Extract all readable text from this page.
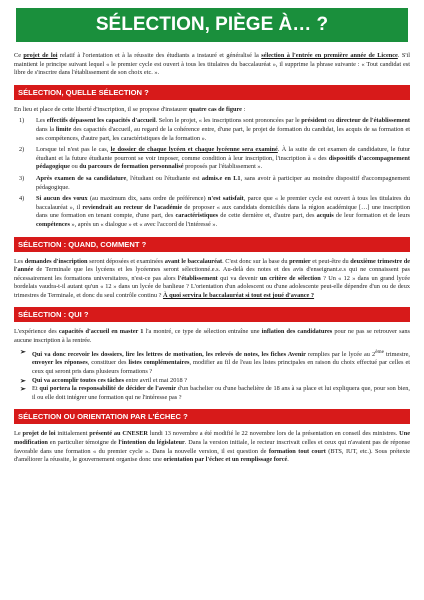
SÉLECTION, PIÈGE À… ?

Ce projet de loi relatif à l'orientation et à la réussite des étudiants a instauré et généralisé la sélection à l'entrée en première année de Licence. S'il maintient le principe suivant lequel « le premier cycle est ouvert à tous les titulaires du baccalauréat », il supprime la phrase suivante : « Tout candidat est libre de s'inscrire dans l'établissement de son choix etc. ».

SÉLECTION, QUELLE SÉLECTION ?

En lieu et place de cette liberté d'inscription, il se propose d'instaurer quatre cas de figure :

1) Les effectifs dépassent les capacités d'accueil. Selon le projet, « les inscriptions sont prononcées par le président ou directeur de l'établissement dans la limite des capacités d'accueil, au regard de la cohérence entre, d'une part, le projet de formation du candidat, les acquis de sa formation et ses compétences, d'autre part, les caractéristiques de la formation ».
2) Lorsque tel n'est pas le cas, le dossier de chaque lycéen et chaque lycéenne sera examiné. À la suite de cet examen de candidature, le futur étudiant et la future étudiante pourront se voir imposer, comme condition à leur inscription, l'inscription à « des dispositifs d'accompagnement pédagogique ou du parcours de formation personnalisé proposés par l'établissement ».
3) Après examen de sa candidature, l'étudiant ou l'étudiante est admis.e en L1, sans avoir à participer au moindre dispositif d'accompagnement pédagogique.
4) Si aucun des vœux (au maximum dix, sans ordre de préférence) n'est satisfait, parce que « le premier cycle est ouvert à tous les titulaires du baccalauréat », il reviendrait au recteur de l'académie de proposer « aux candidats domiciliés dans la région académique […] une inscription dans une formation en tenant compte, d'une part, des caractéristiques de cette dernière et, d'autre part, des acquis de leur formation et de leurs compétences », après un « dialogue » et « avec l'accord de l'intéressé ».
SÉLECTION : QUAND, COMMENT ?

Les demandes d'inscription seront déposées et examinées avant le baccalauréat. C'est donc sur la base du premier et peut-être du deuxième trimestre de l'année de Terminale que les lycéens et les lycéennes seront sélectionné.e.s. Au-delà des notes et des avis d'enseignant.e.s qui ne connaissent pas nécessairement les formations universitaires, n'est-ce pas alors l'établissement qui va devenir un critère de sélection ? Un « 12 » dans un grand lycée bordelais vaudra-t-il autant qu'un « 12 » dans un lycée de banlieue ? L'orientation d'un adolescent ou d'une adolescente peut-elle dépendre d'un ou de deux trimestres de Terminale, et donc du seul contrôle continu ? À quoi servira le baccalauréat si tout est joué d'avance ?

SÉLECTION : QUI ?

L'expérience des capacités d'accueil en master 1 l'a montré, ce type de sélection entraîne une inflation des candidatures pour ne pas se retrouver sans aucune inscription à la rentrée.

➢ Qui va donc recevoir les dossiers, lire les lettres de motivation, les relevés de notes, les fiches Avenir remplies par le lycée au 2ème trimestre, envoyer les réponses, constituer des listes complémentaires, modifier au fil de l'eau les listes principales en raison du choix effectué par celles et ceux qui seront pris dans plusieurs formations ?
➢ Qui va accomplir toutes ces tâches entre avril et mai 2018 ?
➢ Et qui portera la responsabilité de décider de l'avenir d'un bachelier ou d'une bachelière de 18 ans à sa place et lui expliquera que, pour son bien, il ou elle doit intégrer une formation qui ne l'intéresse pas ?
SÉLECTION OU ORIENTATION PAR L'ÉCHEC ?

Le projet de loi initialement présenté au CNESER lundi 13 novembre a été modifié le 22 novembre lors de la présentation en conseil des ministres. Une modification en particulier témoigne de l'intention du législateur. Dans la version initiale, le recteur inscrivait celles et ceux qui n'avaient pas de réponse favorable dans une formation « du premier cycle ». Dans la nouvelle version, il est question de formation tout court (BTS, IUT, etc.). Sous prétexte d'améliorer la réussite, le gouvernement organise donc une orientation par l'échec et un remplissage forcé.
